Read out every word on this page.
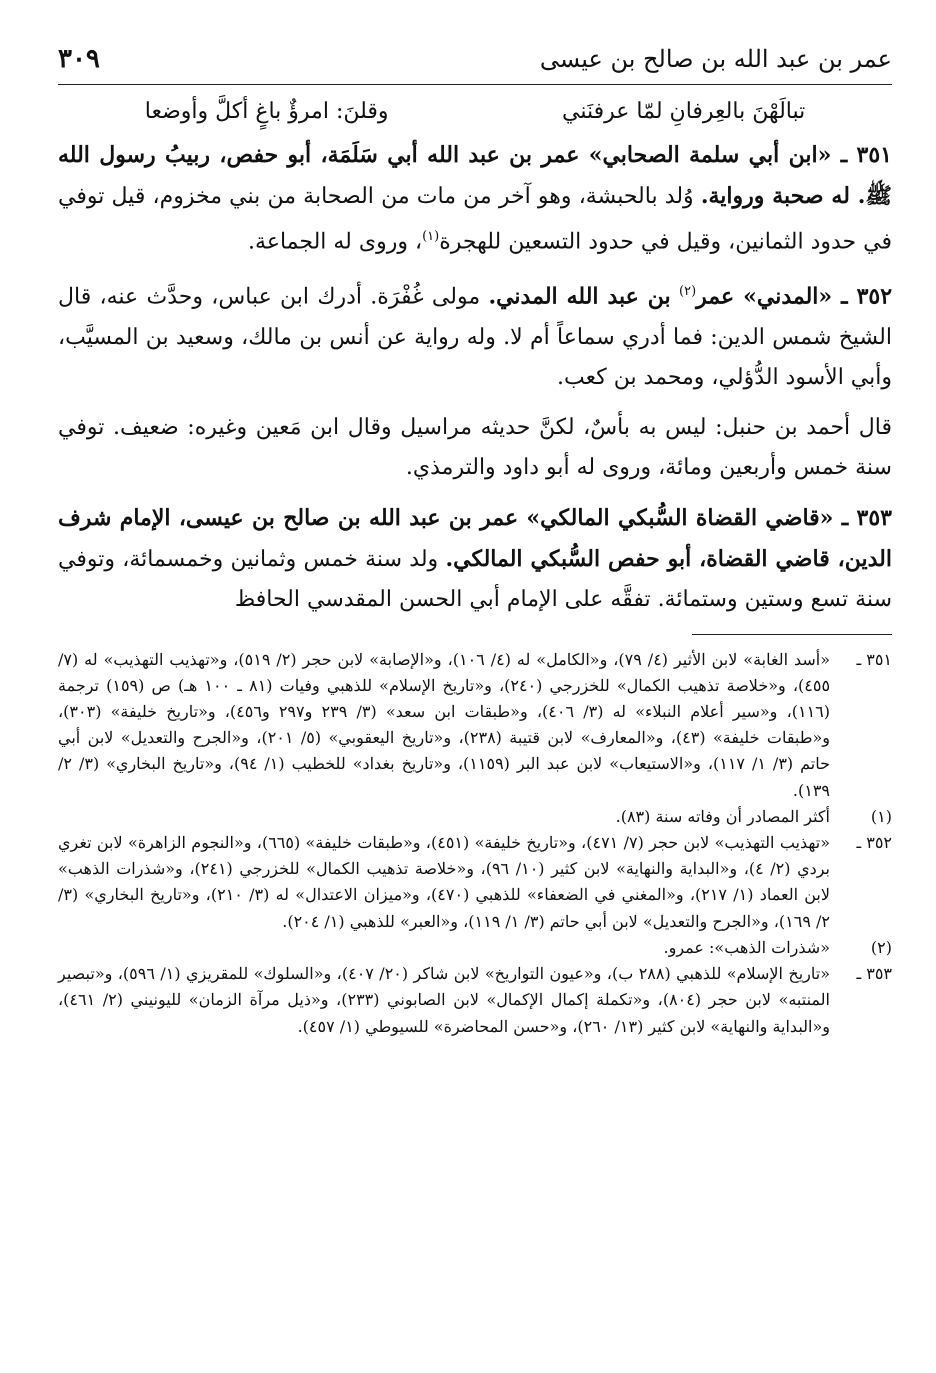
عمر بن عبد الله بن صالح بن عيسى
٣٠٩
تبالَهْنَ بالعِرفانِ لمّا عرفنَني
وقلنَ: امرؤٌ باغٍ أكلَّ وأوضعا

٣٥١ ـ «ابن أبي سلمة الصحابي» عمر بن عبد الله أبي سَلَمَة، أبو حفص، ربيبُ رسول الله ﷺ. له صحبة ورواية. وُلد بالحبشة، وهو آخر من مات من الصحابة من بني مخزوم، قيل توفي في حدود الثمانين، وقيل في حدود التسعين للهجرة$^{(١)}$، وروى له الجماعة.

٣٥٢ ـ «المدني» عمر$^{(٢)}$ بن عبد الله المدني. مولى غُفْرَة. أدرك ابن عباس، وحدَّث عنه، قال الشيخ شمس الدين: فما أدري سماعاً أم لا. وله رواية عن أنس بن مالك، وسعيد بن المسيَّب، وأبي الأسود الدُّؤلي، ومحمد بن كعب.

قال أحمد بن حنبل: ليس به بأسٌ، لكنَّ حديثه مراسيل وقال ابن مَعين وغيره: ضعيف. توفي سنة خمس وأربعين ومائة، وروى له أبو داود والترمذي.

٣٥٣ ـ «قاضي القضاة السُّبكي المالكي» عمر بن عبد الله بن صالح بن عيسى، الإمام شرف الدين، قاضي القضاة، أبو حفص السُّبكي المالكي. ولد سنة خمس وثمانين وخمسمائة، وتوفي سنة تسع وستين وستمائة. تفقَّه على الإمام أبي الحسن المقدسي الحافظ

٣٥١ ـ
«أسد الغابة» لابن الأثير (٤/ ٧٩)، و«الكامل» له (٤/ ١٠٦)، و«الإصابة» لابن حجر (٢/ ٥١٩)، و«تهذيب التهذيب» له (٧/ ٤٥٥)، و«خلاصة تذهيب الكمال» للخزرجي (٢٤٠)، و«تاريخ الإسلام» للذهبي وفيات (٨١ ـ ١٠٠ هـ) ص (١٥٩) ترجمة (١١٦)، و«سير أعلام النبلاء» له (٣/ ٤٠٦)، و«طبقات ابن سعد» (٣/ ٢٣٩ و٢٩٧ و٤٥٦)، و«تاريخ خليفة» (٣٠٣)، و«طبقات خليفة» (٤٣)، و«المعارف» لابن قتيبة (٢٣٨)، و«تاريخ اليعقوبي» (٥/ ٢٠١)، و«الجرح والتعديل» لابن أبي حاتم (٣/ ١/ ١١٧)، و«الاستيعاب» لابن عبد البر (١١٥٩)، و«تاريخ بغداد» للخطيب (١/ ٩٤)، و«تاريخ البخاري» (٣/ ٢/ ١٣٩).
(١)
أكثر المصادر أن وفاته سنة (٨٣).
٣٥٢ ـ
«تهذيب التهذيب» لابن حجر (٧/ ٤٧١)، و«تاريخ خليفة» (٤٥١)، و«طبقات خليفة» (٦٦٥)، و«النجوم الزاهرة» لابن تغري بردي (٢/ ٤)، و«البداية والنهاية» لابن كثير (١٠/ ٩٦)، و«خلاصة تذهيب الكمال» للخزرجي (٢٤١)، و«شذرات الذهب» لابن العماد (١/ ٢١٧)، و«المغني في الضعفاء» للذهبي (٤٧٠)، و«ميزان الاعتدال» له (٣/ ٢١٠)، و«تاريخ البخاري» (٣/ ٢/ ١٦٩)، و«الجرح والتعديل» لابن أبي حاتم (٣/ ١/ ١١٩)، و«العبر» للذهبي (١/ ٢٠٤).
(٢)
«شذرات الذهب»: عمرو.
٣٥٣ ـ
«تاريخ الإسلام» للذهبي (٢٨٨ ب)، و«عيون التواريخ» لابن شاكر (٢٠/ ٤٠٧)، و«السلوك» للمقريزي (١/ ٥٩٦)، و«تبصير المنتبه» لابن حجر (٨٠٤)، و«تكملة إكمال الإكمال» لابن الصابوني (٢٣٣)، و«ذيل مرآة الزمان» لليونيني (٢/ ٤٦١)، و«البداية والنهاية» لابن كثير (١٣/ ٢٦٠)، و«حسن المحاضرة» للسيوطي (١/ ٤٥٧).
